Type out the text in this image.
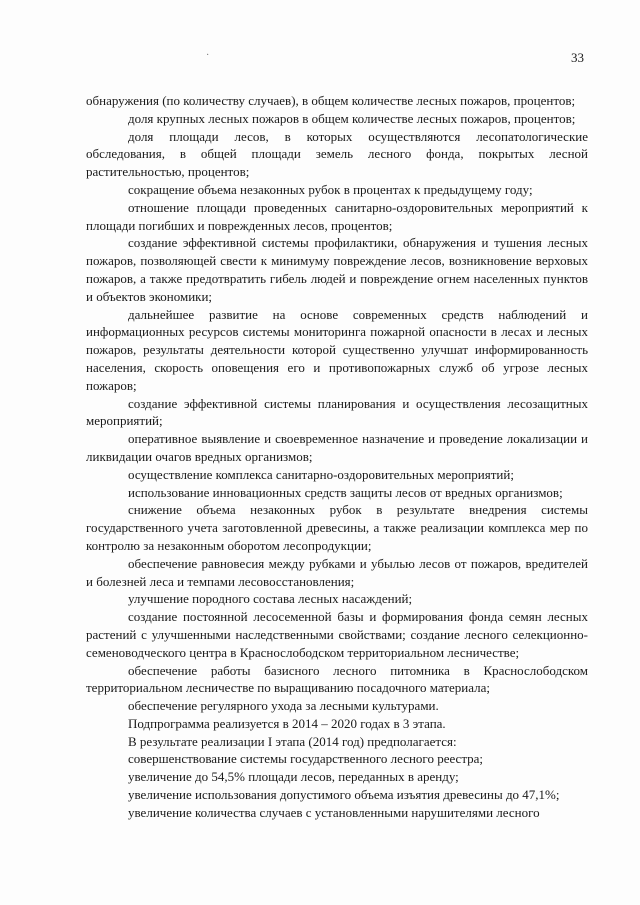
33
·

обнаружения (по количеству случаев), в общем количестве лесных пожаров, процентов;

доля крупных лесных пожаров в общем количестве лесных пожаров, процентов;

доля площади лесов, в которых осуществляются лесопатологические обследования, в общей площади земель лесного фонда, покрытых лесной растительностью, процентов;

сокращение объема незаконных рубок в процентах к предыдущему году;

отношение площади проведенных санитарно-оздоровительных мероприятий к площади погибших и поврежденных лесов, процентов;

создание эффективной системы профилактики, обнаружения и тушения лесных пожаров, позволяющей свести к минимуму повреждение лесов, возникновение верховых пожаров, а также предотвратить гибель людей и повреждение огнем населенных пунктов и объектов экономики;

дальнейшее развитие на основе современных средств наблюдений и информационных ресурсов системы мониторинга пожарной опасности в лесах и лесных пожаров, результаты деятельности которой существенно улучшат информированность населения, скорость оповещения его и противопожарных служб об угрозе лесных пожаров;

создание эффективной системы планирования и осуществления лесозащитных мероприятий;

оперативное выявление и своевременное назначение и проведение локализации и ликвидации очагов вредных организмов;

осуществление комплекса санитарно-оздоровительных мероприятий;

использование инновационных средств защиты лесов от вредных организмов;

снижение объема незаконных рубок в результате внедрения системы государственного учета заготовленной древесины, а также реализации комплекса мер по контролю за незаконным оборотом лесопродукции;

обеспечение равновесия между рубками и убылью лесов от пожаров, вредителей и болезней леса и темпами лесовосстановления;

улучшение породного состава лесных насаждений;

создание постоянной лесосеменной базы и формирования фонда семян лесных растений с улучшенными наследственными свойствами; создание лесного селекционно-семеноводческого центра в Краснослободском территориальном лесничестве;

обеспечение работы базисного лесного питомника в Краснослободском территориальном лесничестве по выращиванию посадочного материала;

обеспечение регулярного ухода за лесными культурами.

Подпрограмма реализуется в 2014 – 2020 годах в 3 этапа.

В результате реализации I этапа (2014 год) предполагается:

совершенствование системы государственного лесного реестра;

увеличение до 54,5% площади лесов, переданных в аренду;

увеличение использования допустимого объема изъятия древесины до 47,1%;

увеличение количества случаев с установленными нарушителями лесного
